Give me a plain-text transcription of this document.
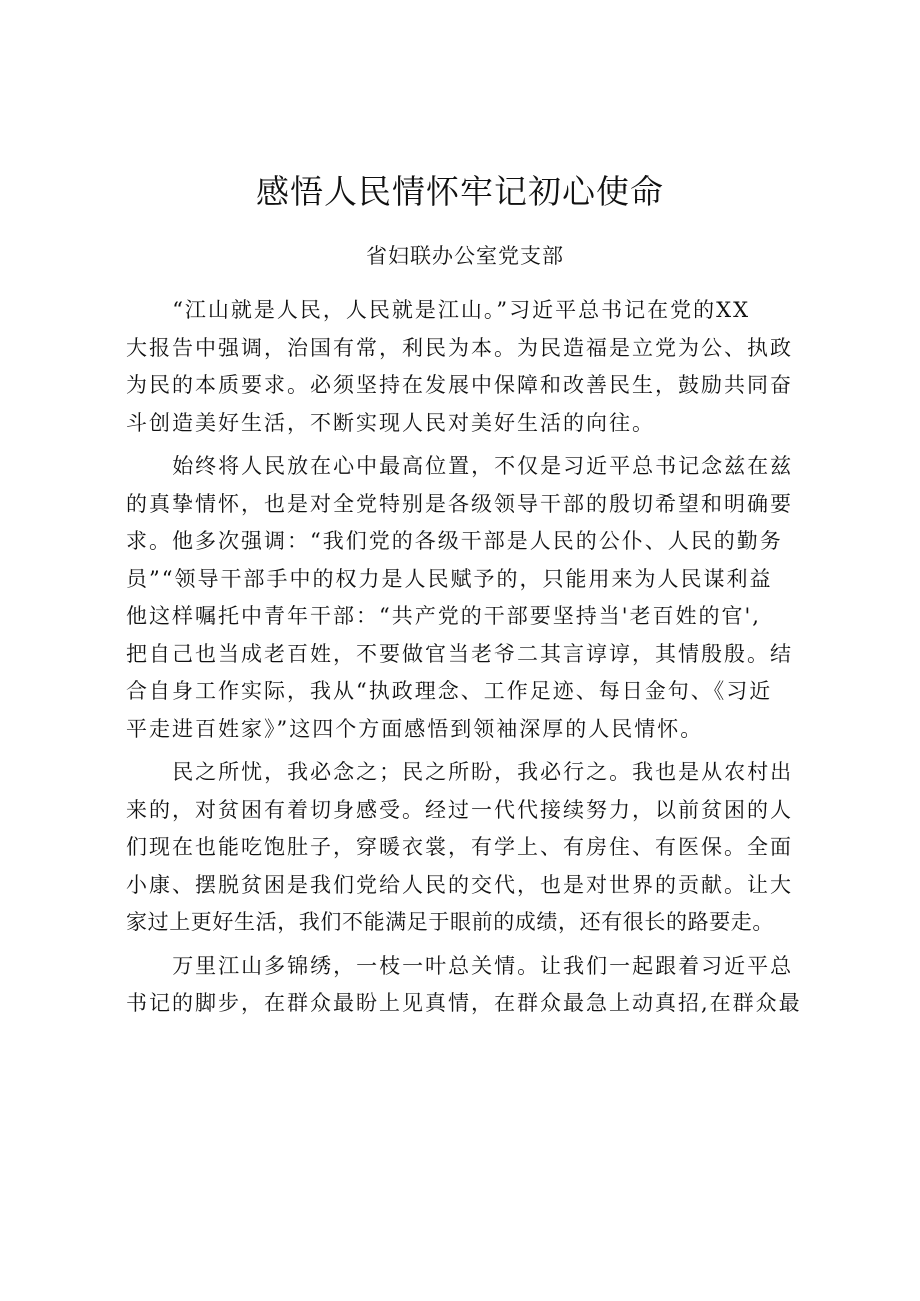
感悟人民情怀牢记初心使命
省妇联办公室党支部

“江山就是人民，人民就是江山。”习近平总书记在党的XX
大报告中强调，治国有常，利民为本。为民造福是立党为公、执政
为民的本质要求。必须坚持在发展中保障和改善民生，鼓励共同奋
斗创造美好生活，不断实现人民对美好生活的向往。

始终将人民放在心中最高位置，不仅是习近平总书记念兹在兹
的真挚情怀，也是对全党特别是各级领导干部的殷切希望和明确要
求。他多次强调：“我们党的各级干部是人民的公仆、人民的勤务
员”“领导干部手中的权力是人民赋予的，只能用来为人民谋利益
他这样嘱托中青年干部：“共产党的干部要坚持当'老百姓的官',
把自己也当成老百姓，不要做官当老爷二其言谆谆，其情殷殷。结
合自身工作实际，我从“执政理念、工作足迹、每日金句、《习近
平走进百姓家》”这四个方面感悟到领袖深厚的人民情怀。

民之所忧，我必念之；民之所盼，我必行之。我也是从农村出
来的，对贫困有着切身感受。经过一代代接续努力，以前贫困的人
们现在也能吃饱肚子，穿暖衣裳，有学上、有房住、有医保。全面
小康、摆脱贫困是我们党给人民的交代，也是对世界的贡献。让大
家过上更好生活，我们不能满足于眼前的成绩，还有很长的路要走。

万里江山多锦绣，一枝一叶总关情。让我们一起跟着习近平总
书记的脚步，在群众最盼上见真情，在群众最急上动真招,在群众最
